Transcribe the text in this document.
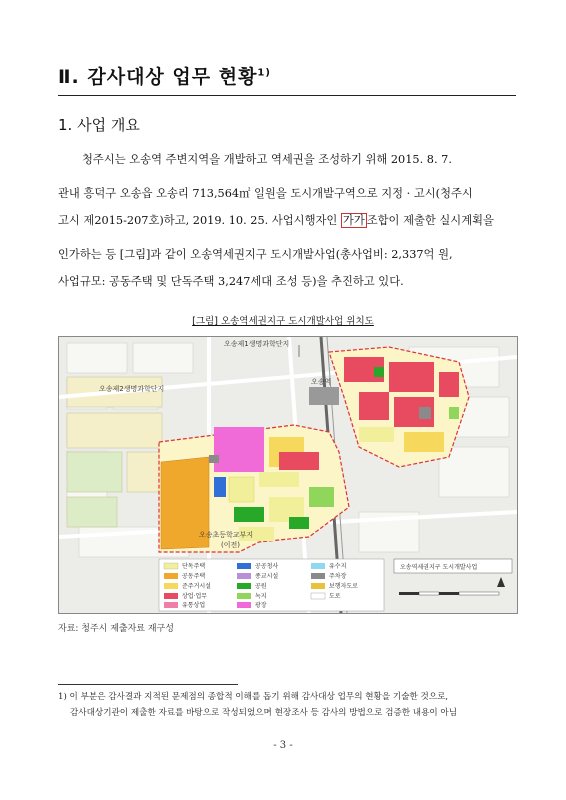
Ⅱ. 감사대상 업무 현황$^{1)}$
1. 사업 개요
청주시는 오송역 주변지역을 개발하고 역세권을 조성하기 위해 2015. 8. 7.
관내 흥덕구 오송읍 오송리 713,564㎡ 일원을 도시개발구역으로 지정 · 고시(청주시
고시 제2015-207호)하고, 2019. 10. 25. 사업시행자인 가가 조합이 제출한 실시계획을
인가하는 등 [그림]과 같이 오송역세권지구 도시개발사업(총사업비: 2,337억 원,
사업규모: 공동주택 및 단독주택 3,247세대 조성 등)을 추진하고 있다.
[그림] 오송역세권지구 도시개발사업 위치도
오송제1생명과학단지
오송제2생명과학단지
오송역
오송초등학교부지
(이전)
단독주택
공동주택
준주거시설
상업·업무
유통상업
공공청사
종교시설
공원
녹지
광장
유수지
주차장
보행자도로
도로
오송역세권지구 도시개발사업
자료: 청주시 제출자료 재구성
1) 이 부분은 감사결과 지적된 문제점의 종합적 이해를 돕기 위해 감사대상 업무의 현황을 기술한 것으로,
감사대상기관이 제출한 자료를 바탕으로 작성되었으며 현장조사 등 감사의 방법으로 검증한 내용이 아님
- 3 -
